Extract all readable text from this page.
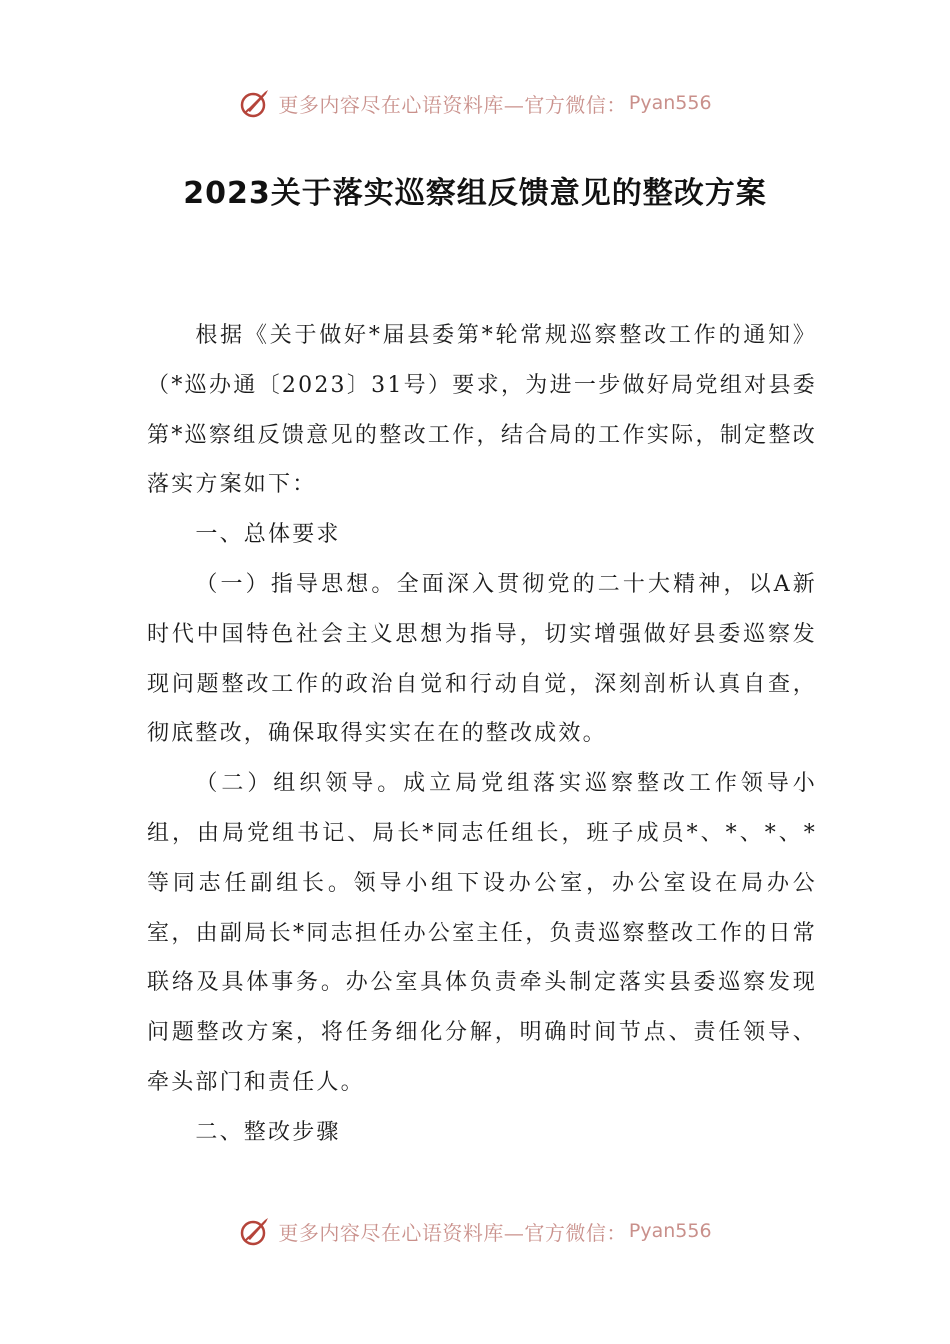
更多内容尽在心语资料库—官方微信： Pyan556
2023关于落实巡察组反馈意见的整改方案

根据《关于做好*届县委第*轮常规巡察整改工作的通知》（*巡办通〔2023〕31号）要求，为进一步做好局党组对县委第*巡察组反馈意见的整改工作，结合局的工作实际，制定整改落实方案如下：

一、总体要求

（一）指导思想。全面深入贯彻党的二十大精神，以A新时代中国特色社会主义思想为指导，切实增强做好县委巡察发现问题整改工作的政治自觉和行动自觉，深刻剖析认真自查，彻底整改，确保取得实实在在的整改成效。

（二）组织领导。成立局党组落实巡察整改工作领导小组，由局党组书记、局长*同志任组长，班子成员*、*、*、*等同志任副组长。领导小组下设办公室，办公室设在局办公室，由副局长*同志担任办公室主任，负责巡察整改工作的日常联络及具体事务。办公室具体负责牵头制定落实县委巡察发现问题整改方案，将任务细化分解，明确时间节点、责任领导、牵头部门和责任人。

二、整改步骤

更多内容尽在心语资料库—官方微信： Pyan556
